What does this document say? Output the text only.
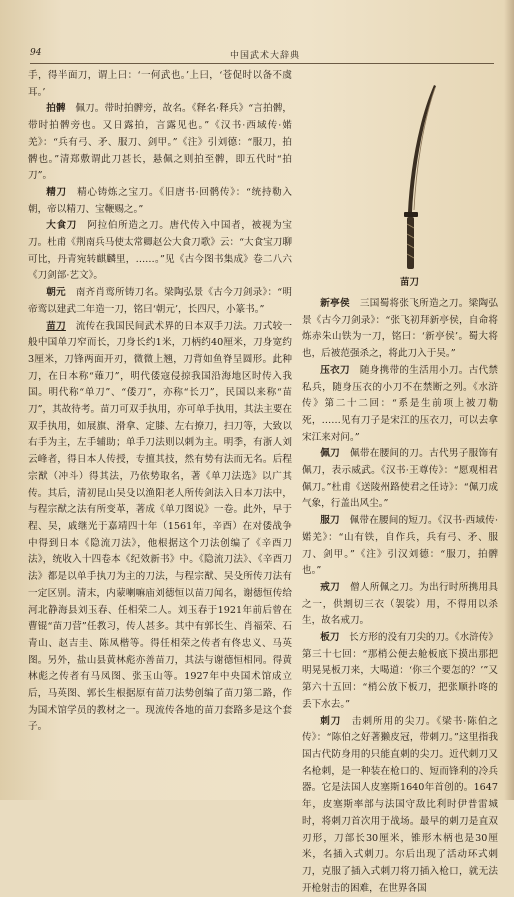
94	中国武术大辞典

手，得半面刀，谓上曰：‘一何武也。’上曰，‘苍促时以备不虞耳。’

拍髀　 佩刀。带时拍髀旁，故名。《释名·释兵》“言拍髀，带时拍髀旁也。又日露拍，言露见也。”《汉书·西域传·婼羌》：“兵有弓、矛、服刀、剑甲。”《注》引刘德：“服刀，拍髀也。”清郑敷谓此刀甚长，悬佩之则拍至髀，即五代时“拍刀”。

精刀　 精心铸炼之宝刀。《旧唐书·回鹘传》：“统持勒入朝，帝以精刀、宝鞭赐之。”

大食刀　 阿拉伯所造之刀。唐代传入中国者，被视为宝刀。杜甫《荆南兵马使太常卿赵公大食刀歌》云：“大食宝刀聊可比，丹青宛转麒麟里，……。”见《古今图书集成》卷二八六《刀剑部·艺文》。

朝元　 南齐肖鸾所铸刀名。梁陶弘景《古今刀剑录》：“明帝鸾以建武二年造一刀，铭曰‘朝元’，长四尺，小篆书。”

苗刀　 流传在我国民间武术界的日本双手刀法。刀式较一般中国单刀窄而长，刀身长约1米，刀柄约40厘米，刀身宽约3厘米，刀锋两面开刃，微微上翘，刀背如鱼脊呈圆形。此种刀，在日本称“薙刀”，明代倭寇侵掠我国沿海地区时传入我国。明代称“单刀”、“倭刀”，亦称“长刀”，民国以来称“苗刀”，其故待考。苗刀可双手执用，亦可单手执用，其法主要在双手执用，如展旗、滑拿、定膝、左右撩刀，扫刀等，大致以右手为主，左手辅助；单手刀法则以刺为主。明季，有浙人刘云峰者，得日本人传授，专擅其技，然有势有法而无名。后程宗猷（冲斗）得其法，乃依势取名，著《单刀法选》以广其传。其后，清初昆山吴殳以渔阳老人所传剑法入日本刀法中，与程宗猷之法有所变革，著成《单刀图说》一卷。此外，早于程、吴，戚继光于嘉靖四十年（1561年，辛酉）在对倭战争中得到日本《隐流刀法》，他根据这个刀法创编了《辛酉刀法》，统收入十四卷本《纪效新书》中。《隐流刀法》、《辛酉刀法》都是以单手执刀为主的刀法，与程宗猷、吴殳所传刀法有一定区别。清末，内蒙喇嘛庙刘德恒以苗刀闻名，谢德恒传给河北静海县刘玉春、任相荣二人。刘玉春于1921年前后曾在曹锟“苗刀营”任教习，传人甚多。其中有郭长生、肖福荣、石青山、赵吉圭、陈凤楷等。得任相荣之传者有佟忠义、马英图。另外，盐山县黄林彪亦善苗刀，其法与谢德恒相同。得黄林彪之传者有马凤图、张玉山等。1927年中央国术馆成立后，马英图、郭长生根据原有苗刀法势创编了苗刀第二路，作为国术馆学员的教材之一。现流传各地的苗刀套路多是这个套子。

苗刀

新亭侯　 三国蜀将张飞所造之刀。梁陶弘景《古今刀剑录》：“张飞初拜新亭侯，自命将炼赤朱山铁为一刀，铭曰：‘新亭侯’。蜀大将也，后被范强杀之，将此刀入于吴。”

压衣刀　 随身携带的生活用小刀。古代禁私兵，随身压衣的小刀不在禁断之列。《水浒传》第二十二回：“系是生前项上被刀勒死，……见有刀子是宋江的压衣刀，可以去拿宋江来对问。”

佩刀　 佩带在腰间的刀。古代男子服饰有佩刀，表示威武。《汉书·王尊传》：“愿观相君佩刀。”杜甫《送陵州路使君之任诗》：“佩刀成气象，行盖出风尘。”

服刀　 佩带在腰间的短刀。《汉书·西域传·婼羌》：“山有铁，自作兵，兵有弓、矛、服刀、剑甲。”《注》引汉刘德：“服刀，拍髀也。”

戒刀　 僧人所佩之刀。为出行时所携用具之一，供割切三衣（袈裟）用，不得用以杀生，故名戒刀。

板刀　 长方形的没有刀尖的刀。《水浒传》第三十七回：“那梢公便去舱板底下摸出那把明晃晃板刀来，大喝道：‘你三个要怎的？’”又第六十五回：“梢公放下板刀，把张顺扑咚的丢下水去。”

刺刀　 击刺所用的尖刀。《梁书·陈伯之传》：“陈伯之好著獭皮冠，带刺刀。”这里指我国古代防身用的只能直刺的尖刀。近代刺刀又名枪刺，是一种装在枪口的、短而锋利的冷兵器。它是法国人皮塞斯1640年首创的。1647年，皮塞斯率部与法国守敌比利时伊普雷城时，将刺刀首次用于战场。最早的刺刀是直双刃形，刀部长30厘米，锥形木柄也是30厘米，名插入式刺刀。尔后出现了活动环式刺刀，克服了插入式刺刀将刀插入枪口，就无法开枪射击的困难，在世界各国
